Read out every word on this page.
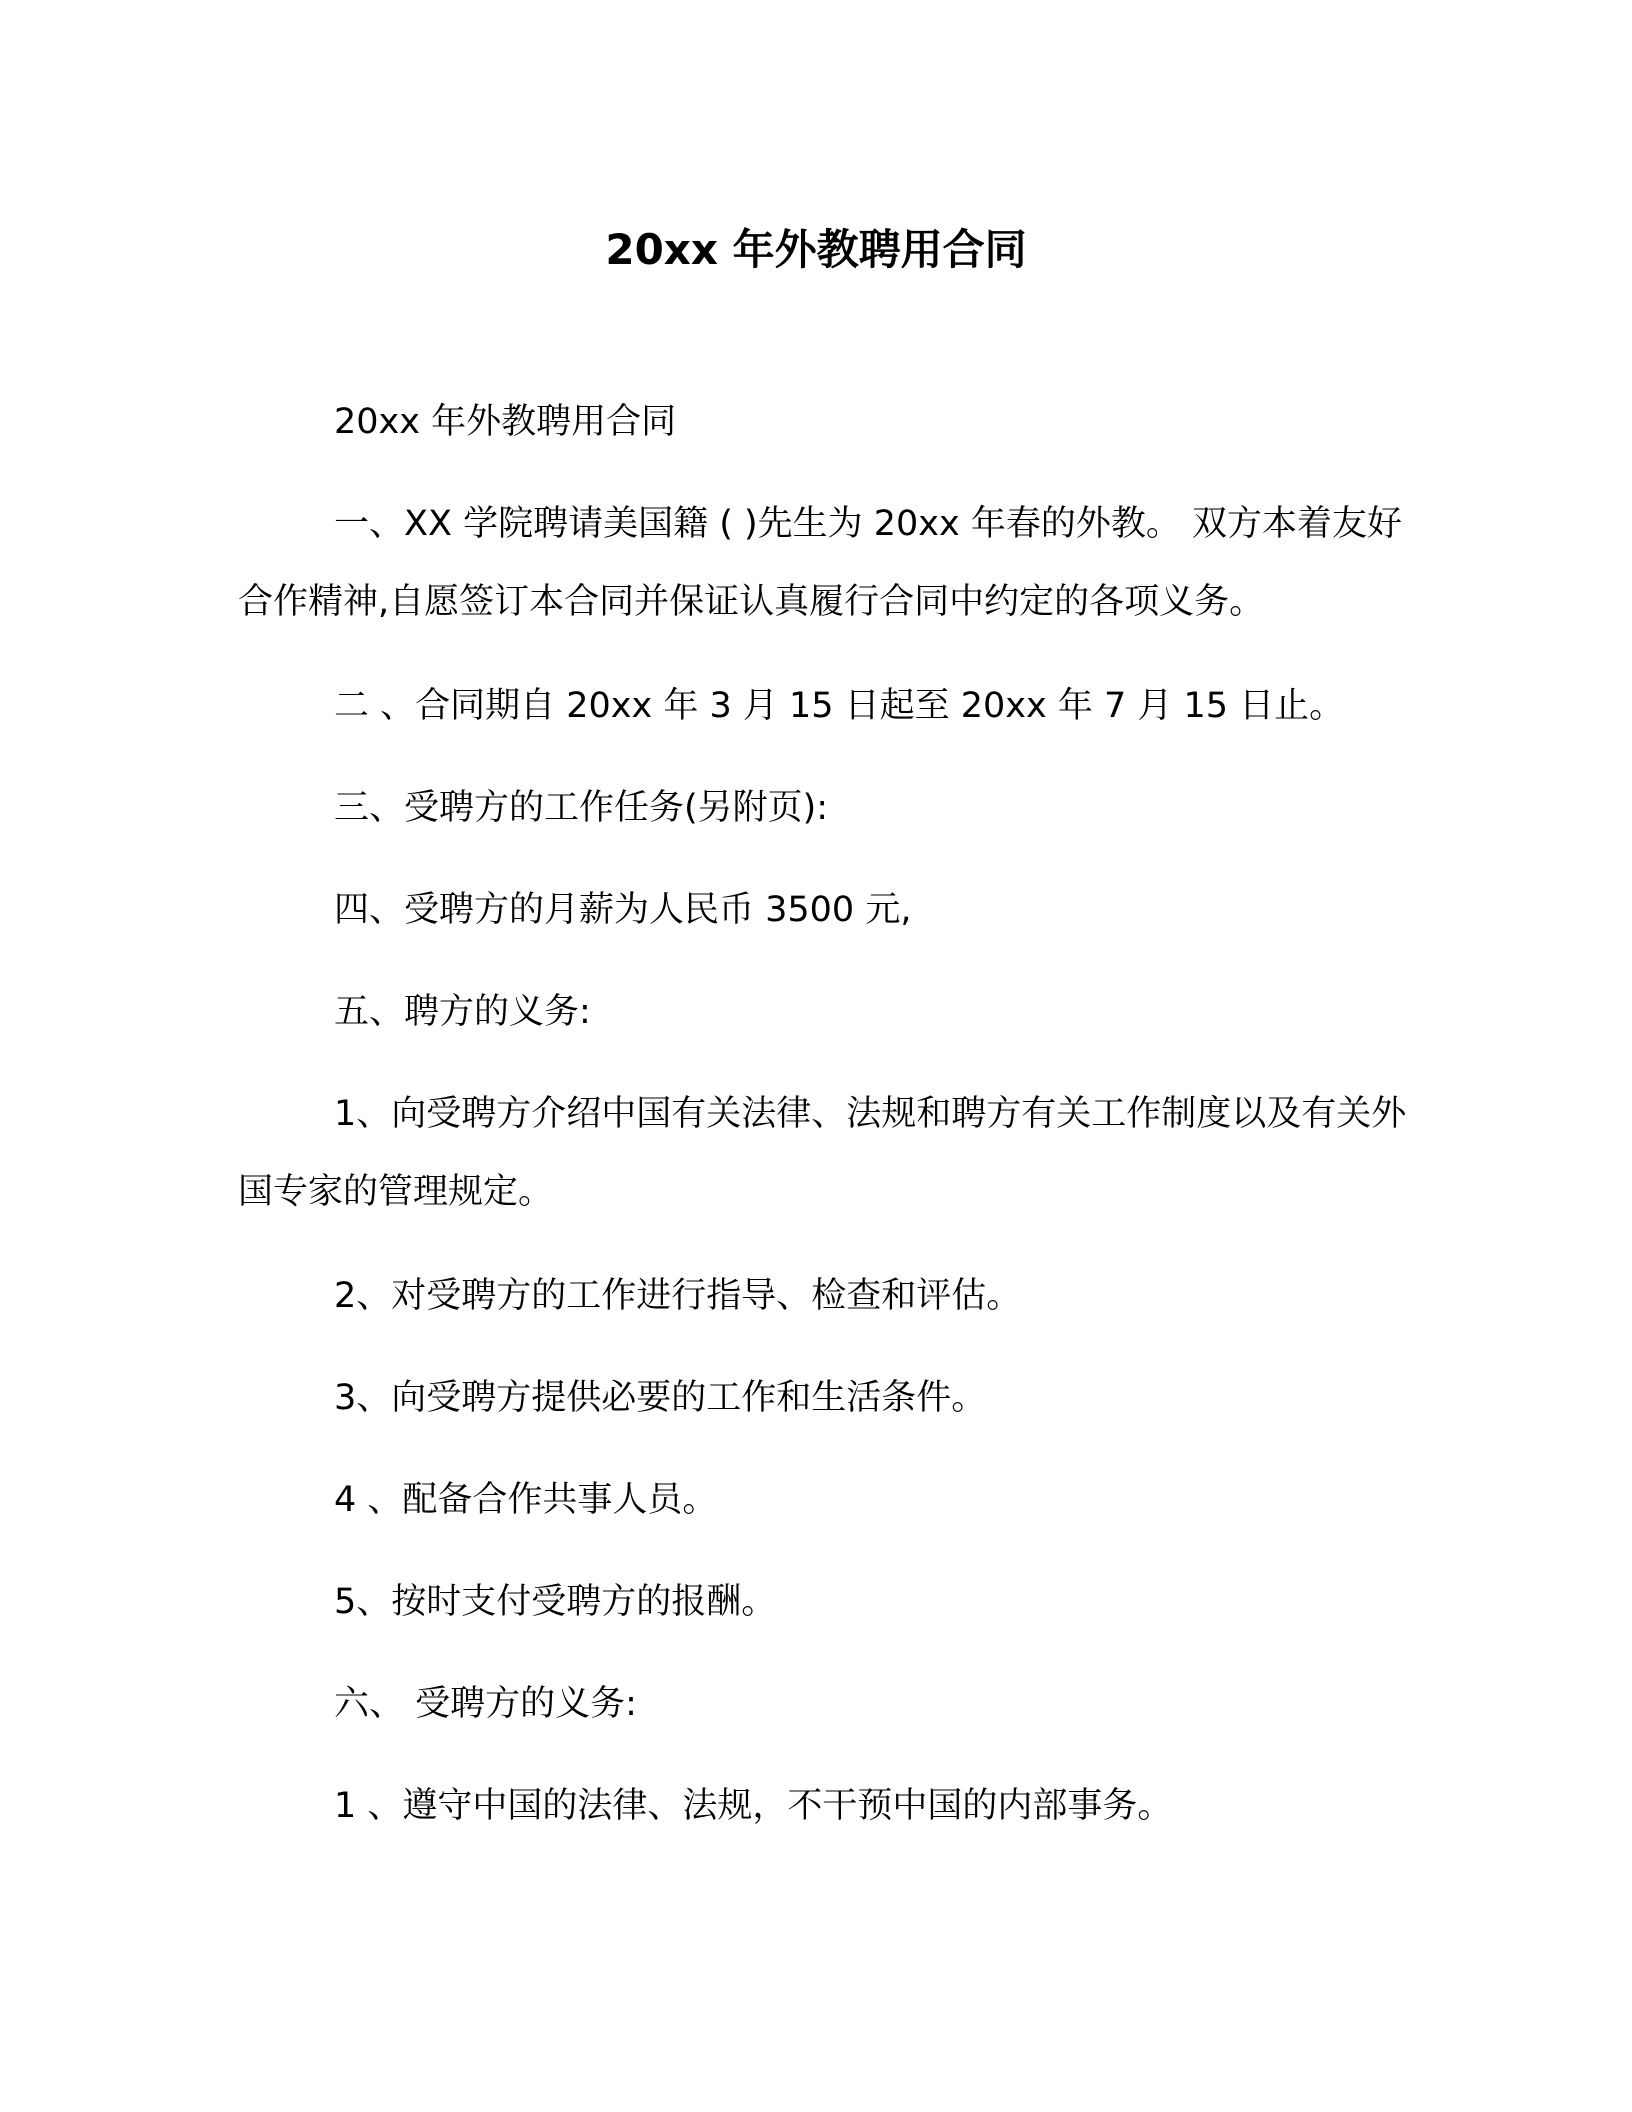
20xx 年外教聘用合同
20xx 年外教聘用合同
一、XX 学院聘请美国籍 ( )先生为 20xx 年春的外教。 双方本着友好合作精神,自愿签订本合同并保证认真履行合同中约定的各项义务。
二 、合同期自 20xx 年 3 月 15 日起至 20xx 年 7 月 15 日止。
三、受聘方的工作任务(另附页):
四、受聘方的月薪为人民币 3500 元,
五、聘方的义务:
1、向受聘方介绍中国有关法律、法规和聘方有关工作制度以及有关外国专家的管理规定。
2、对受聘方的工作进行指导、检查和评估。
3、向受聘方提供必要的工作和生活条件。
4 、配备合作共事人员。
5、按时支付受聘方的报酬。
六、 受聘方的义务:
1 、遵守中国的法律、法规，不干预中国的内部事务。
